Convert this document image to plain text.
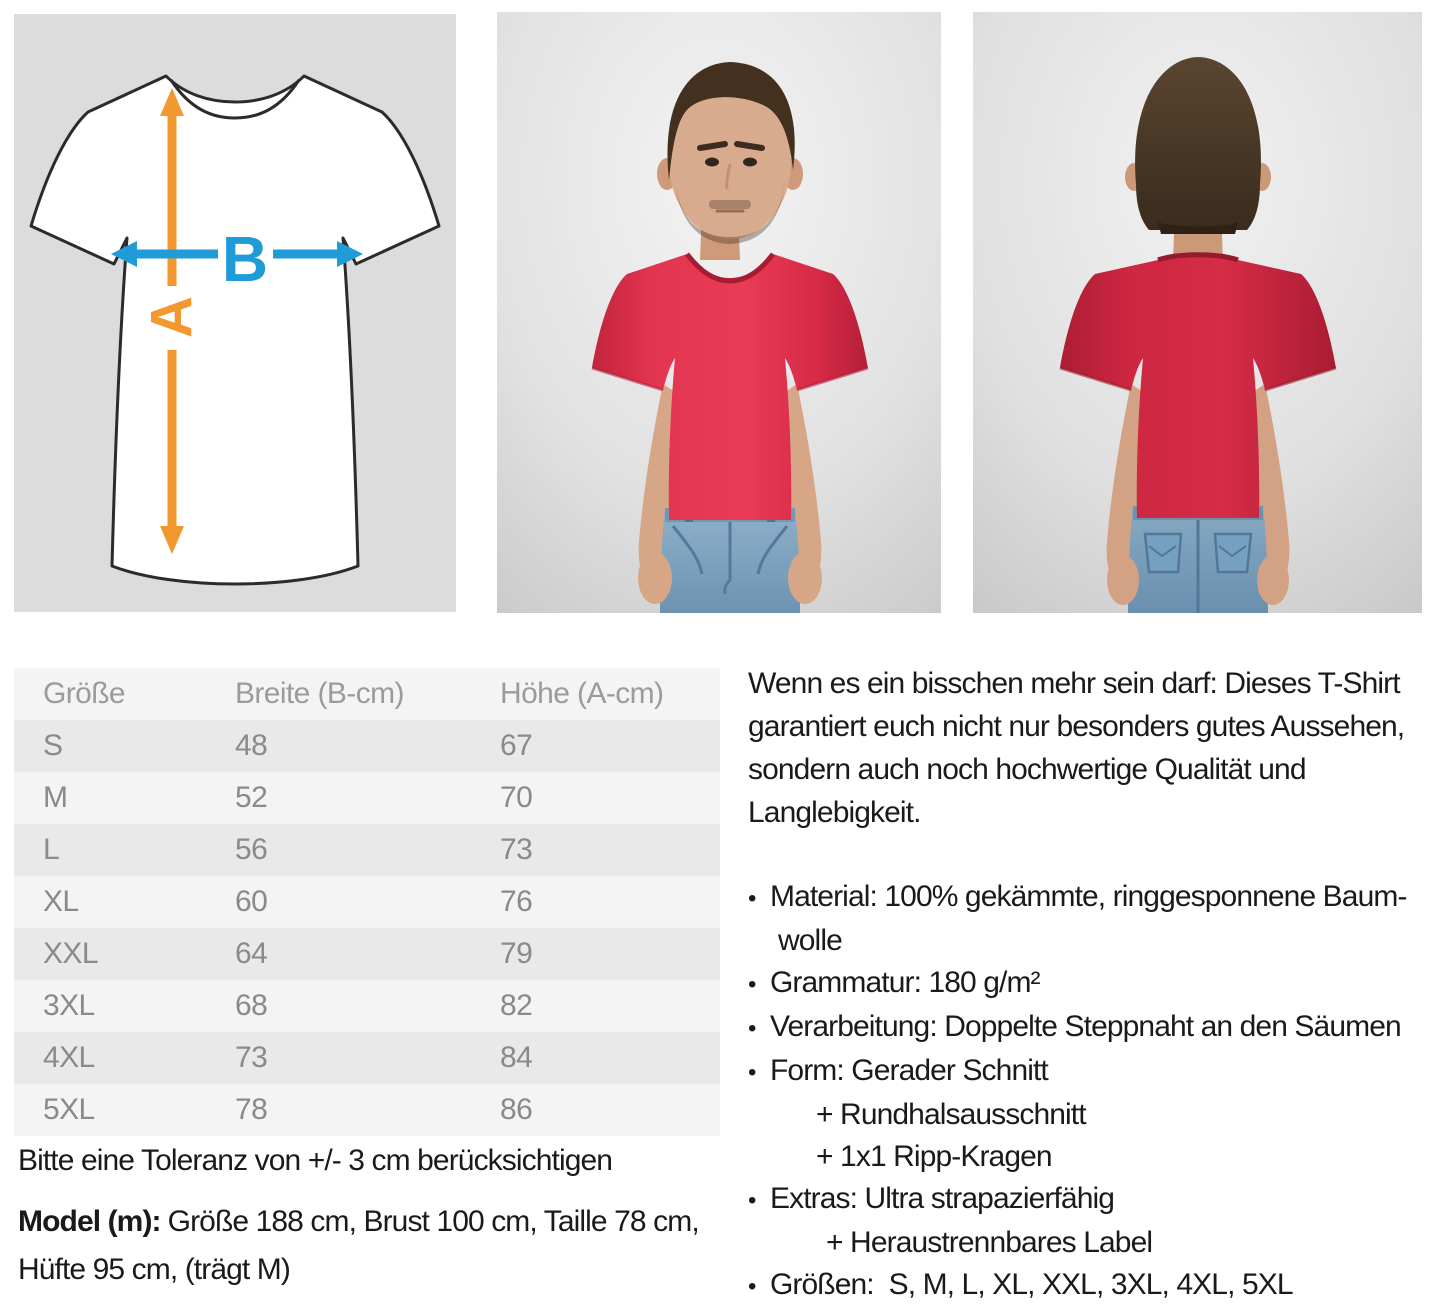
A
B
Größe	Breite (B-cm)	Höhe (A-cm)
S	48	67
M	52	70
L	56	73
XL	60	76
XXL	64	79
3XL	68	82
4XL	73	84
5XL	78	86
Bitte eine Toleranz von +/- 3 cm berücksichtigen
Model (m): Größe 188 cm, Brust 100 cm, Taille 78 cm,
Hüfte 95 cm, (trägt M)
Wenn es ein bisschen mehr sein darf: Dieses T-Shirt
garantiert euch nicht nur besonders gutes Aussehen,
sondern auch noch hochwertige Qualität und
Langlebigkeit.
• Material: 100% gekämmte, ringgesponnene Baum-
wolle
• Grammatur: 180 g/m²
• Verarbeitung: Doppelte Steppnaht an den Säumen
• Form: Gerader Schnitt
+ Rundhalsausschnitt
+ 1x1 Ripp-Kragen
• Extras: Ultra strapazierfähig
+ Heraustrennbares Label
• Größen:  S, M, L, XL, XXL, 3XL, 4XL, 5XL
